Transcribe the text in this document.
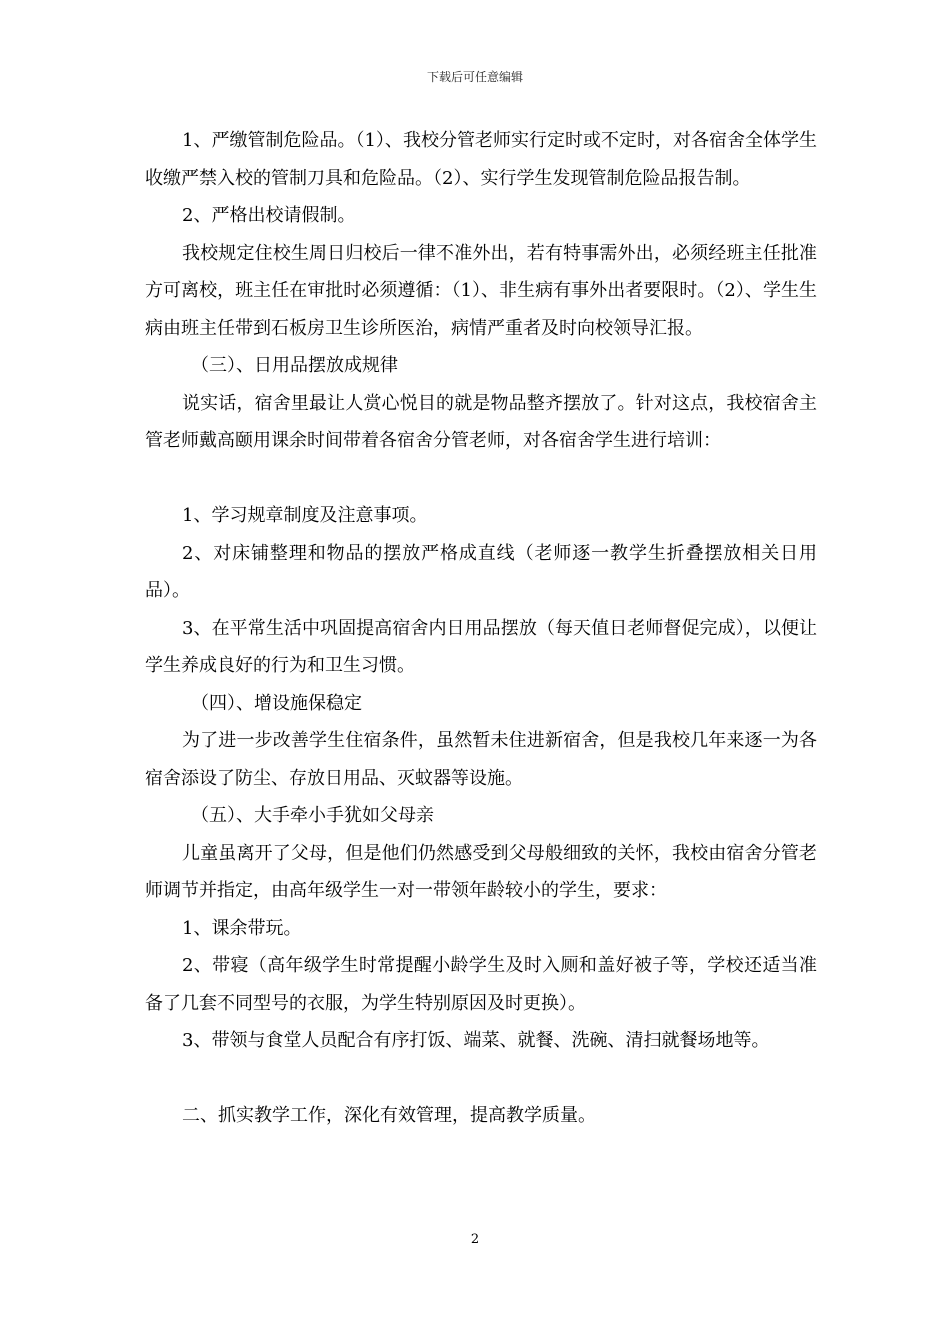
下载后可任意编辑

1、严缴管制危险品。（1）、我校分管老师实行定时或不定时，对各宿舍全体学生收缴严禁入校的管制刀具和危险品。（2）、实行学生发现管制危险品报告制。

2、严格出校请假制。

我校规定住校生周日归校后一律不准外出，若有特事需外出，必须经班主任批准方可离校，班主任在审批时必须遵循：（1）、非生病有事外出者要限时。（2）、学生生病由班主任带到石板房卫生诊所医治，病情严重者及时向校领导汇报。

（三）、日用品摆放成规律

说实话，宿舍里最让人赏心悦目的就是物品整齐摆放了。针对这点，我校宿舍主管老师戴高颐用课余时间带着各宿舍分管老师，对各宿舍学生进行培训：

1、学习规章制度及注意事项。

2、对床铺整理和物品的摆放严格成直线（老师逐一教学生折叠摆放相关日用品）。

3、在平常生活中巩固提高宿舍内日用品摆放（每天值日老师督促完成），以便让学生养成良好的行为和卫生习惯。

（四）、增设施保稳定

为了进一步改善学生住宿条件，虽然暂未住进新宿舍，但是我校几年来逐一为各宿舍添设了防尘、存放日用品、灭蚊器等设施。

（五）、大手牵小手犹如父母亲

儿童虽离开了父母，但是他们仍然感受到父母般细致的关怀，我校由宿舍分管老师调节并指定，由高年级学生一对一带领年龄较小的学生，要求：

1、课余带玩。

2、带寝（高年级学生时常提醒小龄学生及时入厕和盖好被子等，学校还适当准备了几套不同型号的衣服，为学生特别原因及时更换）。

3、带领与食堂人员配合有序打饭、端菜、就餐、洗碗、清扫就餐场地等。

二、抓实教学工作，深化有效管理，提高教学质量。

2
